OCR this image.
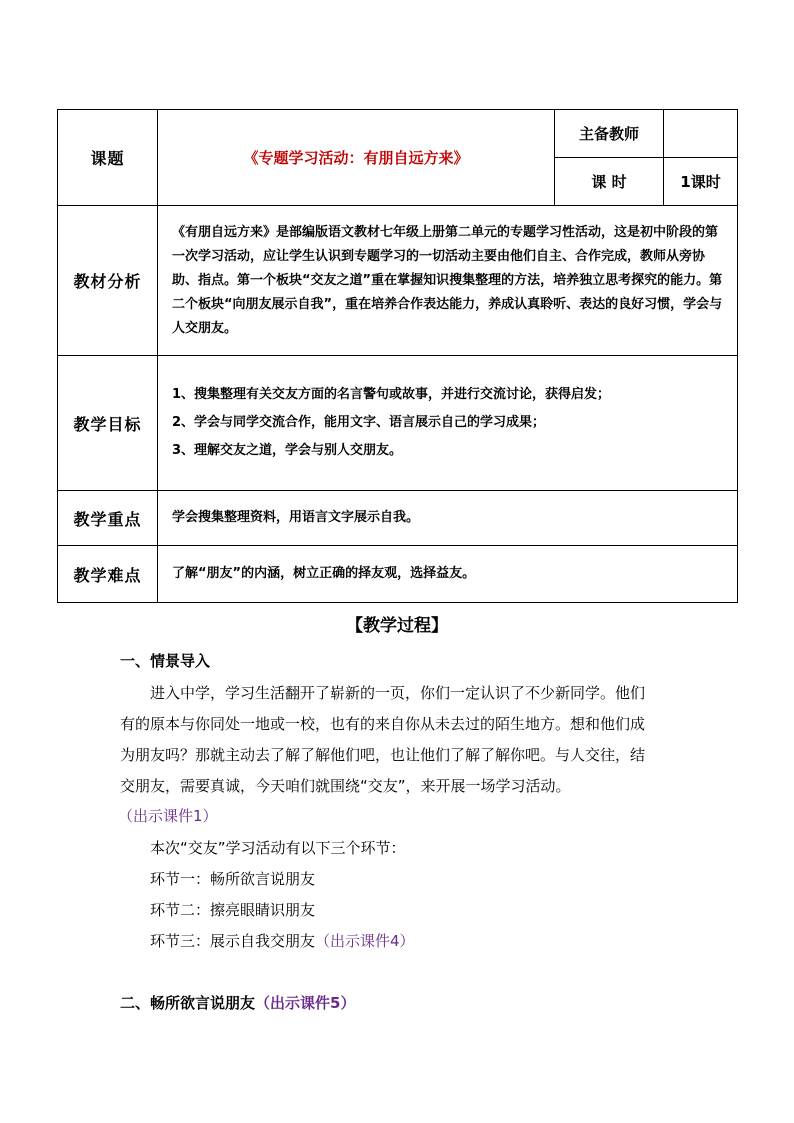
课题	《专题学习活动：有朋自远方来》	主备教师	
		课 时	1课时
教材分析	《有朋自远方来》是部编版语文教材七年级上册第二单元的专题学习性活动，这是初中阶段的第一次学习活动，应让学生认识到专题学习的一切活动主要由他们自主、合作完成，教师从旁协助、指点。第一个板块“交友之道”重在掌握知识搜集整理的方法，培养独立思考探究的能力。第二个板块“向朋友展示自我”，重在培养合作表达能力，养成认真聆听、表达的良好习惯，学会与人交朋友。		
教学目标	1、搜集整理有关交友方面的名言警句或故事，并进行交流讨论，获得启发；
2、学会与同学交流合作，能用文字、语言展示自己的学习成果；
3、理解交友之道，学会与别人交朋友。		

教学重点	学会搜集整理资料，用语言文字展示自我。		
教学难点	了解“朋友”的内涵，树立正确的择友观，选择益友。		
【教学过程】
一、情景导入
进入中学，学习生活翻开了崭新的一页，你们一定认识了不少新同学。他们
有的原本与你同处一地或一校，也有的来自你从未去过的陌生地方。想和他们成
为朋友吗？那就主动去了解了解他们吧，也让他们了解了解你吧。与人交往，结
交朋友，需要真诚，今天咱们就围绕“交友”，来开展一场学习活动。
（出示课件1）
本次“交友”学习活动有以下三个环节：
环节一：畅所欲言说朋友
环节二：擦亮眼睛识朋友
环节三：展示自我交朋友（出示课件4）
二、畅所欲言说朋友（出示课件5）
